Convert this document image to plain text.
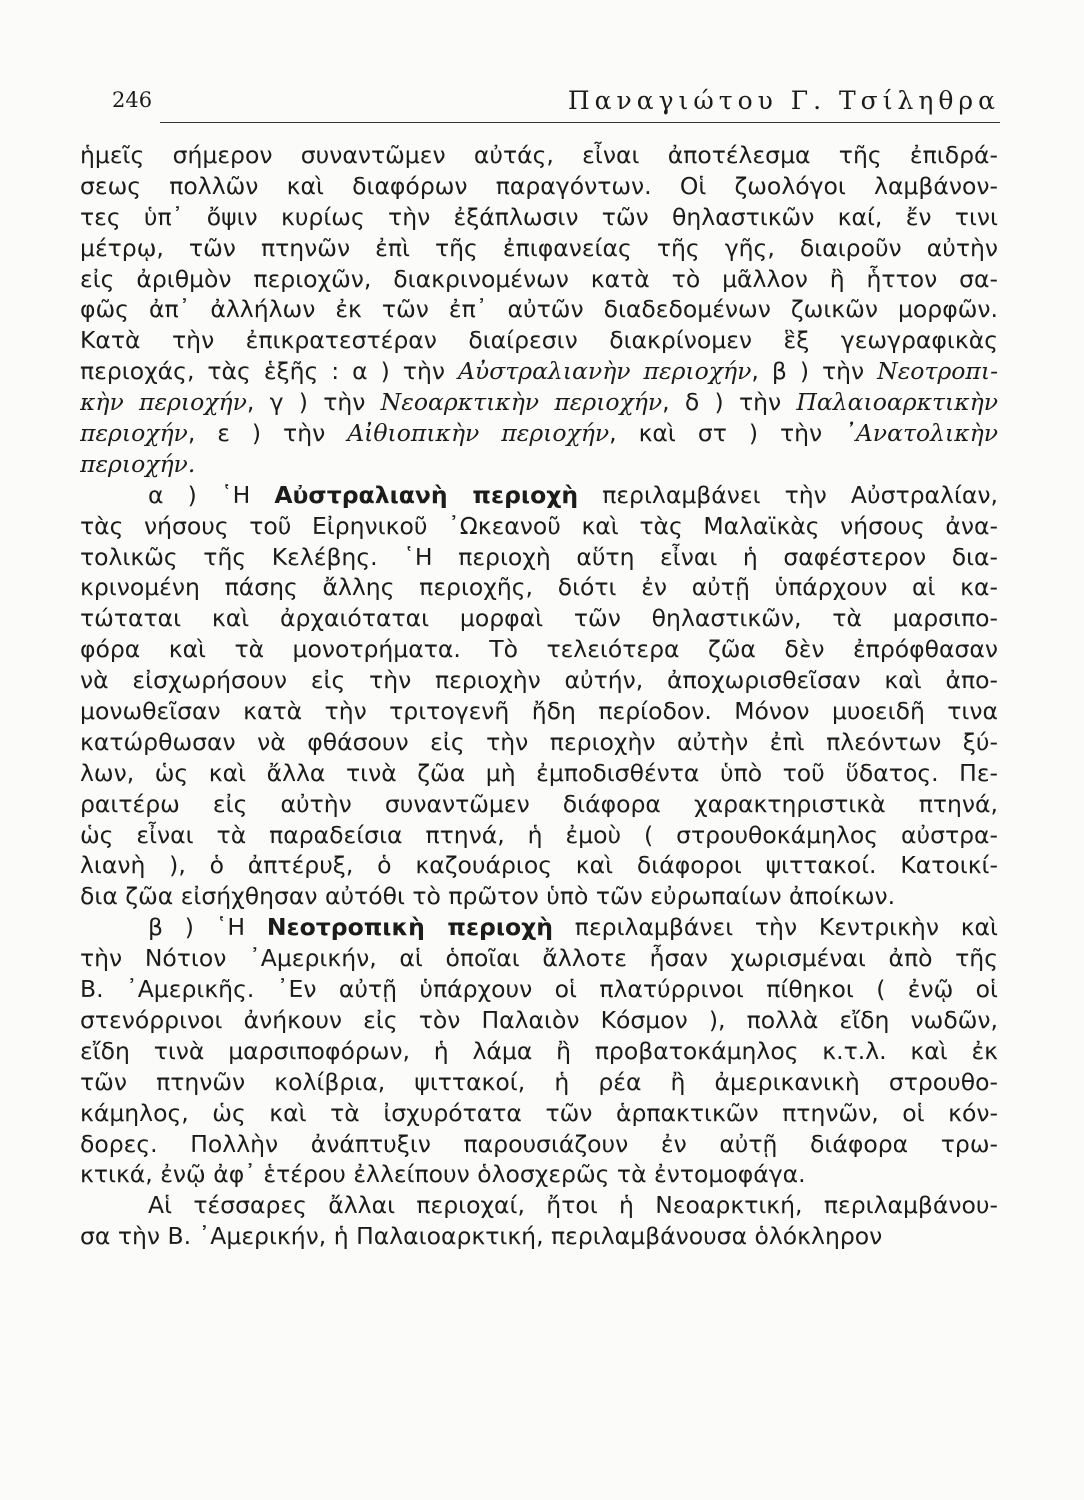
246	Παναγιώτου Γ. Τσίληθρα
ἡμεῖς σήμερον συναντῶμεν αὐτάς, εἶναι ἀποτέλεσμα τῆς ἐπιδρά-
σεως πολλῶν καὶ διαφόρων παραγόντων. Οἱ ζωολόγοι λαμβάνον-
τες ὑπ᾽ ὄψιν κυρίως τὴν ἐξάπλωσιν τῶν θηλαστικῶν καί, ἔν τινι
μέτρῳ, τῶν πτηνῶν ἐπὶ τῆς ἐπιφανείας τῆς γῆς, διαιροῦν αὐτὴν
εἰς ἀριθμὸν περιοχῶν, διακρινομένων κατὰ τὸ μᾶλλον ἢ ἧττον σα-
φῶς ἀπ᾽ ἀλλήλων ἐκ τῶν ἐπ᾽ αὐτῶν διαδεδομένων ζωικῶν μορφῶν.
Κατὰ τὴν ἐπικρατεστέραν διαίρεσιν διακρίνομεν ἓξ γεωγραφικὰς
περιοχάς, τὰς ἑξῆς : α ) τὴν Αὐστραλιανὴν περιοχήν, β ) τὴν Νεοτροπι-
κὴν περιοχήν, γ ) τὴν Νεοαρκτικὴν περιοχήν, δ ) τὴν Παλαιοαρκτικὴν
περιοχήν, ε ) τὴν Αἰθιοπικὴν περιοχήν, καὶ στ ) τὴν ᾽Ανατολικὴν
περιοχήν.
α ) ῾Η Αὐστραλιανὴ περιοχὴ περιλαμβάνει τὴν Αὐστραλίαν,
τὰς νήσους τοῦ Εἰρηνικοῦ ᾽Ωκεανοῦ καὶ τὰς Μαλαϊκὰς νήσους ἀνα-
τολικῶς τῆς Κελέβης. ῾Η περιοχὴ αὕτη εἶναι ἡ σαφέστερον δια-
κρινομένη πάσης ἄλλης περιοχῆς, διότι ἐν αὐτῇ ὑπάρχουν αἱ κα-
τώταται καὶ ἀρχαιόταται μορφαὶ τῶν θηλαστικῶν, τὰ μαρσιπο-
φόρα καὶ τὰ μονοτρήματα. Τὸ τελειότερα ζῶα δὲν ἐπρόφθασαν
νὰ εἰσχωρήσουν εἰς τὴν περιοχὴν αὐτήν, ἀποχωρισθεῖσαν καὶ ἀπο-
μονωθεῖσαν κατὰ τὴν τριτογενῆ ἤδη περίοδον. Μόνον μυοειδῆ τινα
κατώρθωσαν νὰ φθάσουν εἰς τὴν περιοχὴν αὐτὴν ἐπὶ πλεόντων ξύ-
λων, ὡς καὶ ἄλλα τινὰ ζῶα μὴ ἐμποδισθέντα ὑπὸ τοῦ ὕδατος. Πε-
ραιτέρω εἰς αὐτὴν συναντῶμεν διάφορα χαρακτηριστικὰ πτηνά,
ὡς εἶναι τὰ παραδείσια πτηνά, ἡ ἐμοὺ ( στρουθοκάμηλος αὐστρα-
λιανὴ ), ὁ ἀπτέρυξ, ὁ καζουάριος καὶ διάφοροι ψιττακοί. Κατοικί-
δια ζῶα εἰσήχθησαν αὐτόθι τὸ πρῶτον ὑπὸ τῶν εὐρωπαίων ἀποίκων.
β ) ῾Η Νεοτροπικὴ περιοχὴ περιλαμβάνει τὴν Κεντρικὴν καὶ
τὴν Νότιον ᾽Αμερικήν, αἱ ὁποῖαι ἄλλοτε ἦσαν χωρισμέναι ἀπὸ τῆς
Β. ᾽Αμερικῆς. ᾽Εν αὐτῇ ὑπάρχουν οἱ πλατύρρινοι πίθηκοι ( ἐνῷ οἱ
στενόρρινοι ἀνήκουν εἰς τὸν Παλαιὸν Κόσμον ), πολλὰ εἴδη νωδῶν,
εἴδη τινὰ μαρσιποφόρων, ἡ λάμα ἢ προβατοκάμηλος κ.τ.λ. καὶ ἐκ
τῶν πτηνῶν κολίβρια, ψιττακοί, ἡ ρέα ἢ ἀμερικανικὴ στρουθο-
κάμηλος, ὡς καὶ τὰ ἰσχυρότατα τῶν ἁρπακτικῶν πτηνῶν, οἱ κόν-
δορες. Πολλὴν ἀνάπτυξιν παρουσιάζουν ἐν αὐτῇ διάφορα τρω-
κτικά, ἐνῷ ἀφ᾽ ἑτέρου ἐλλείπουν ὁλοσχερῶς τὰ ἐντομοφάγα.
Αἱ τέσσαρες ἄλλαι περιοχαί, ἤτοι ἡ Νεοαρκτική, περιλαμβάνου-
σα τὴν Β. ᾽Αμερικήν, ἡ Παλαιοαρκτική, περιλαμβάνουσα ὁλόκληρον
